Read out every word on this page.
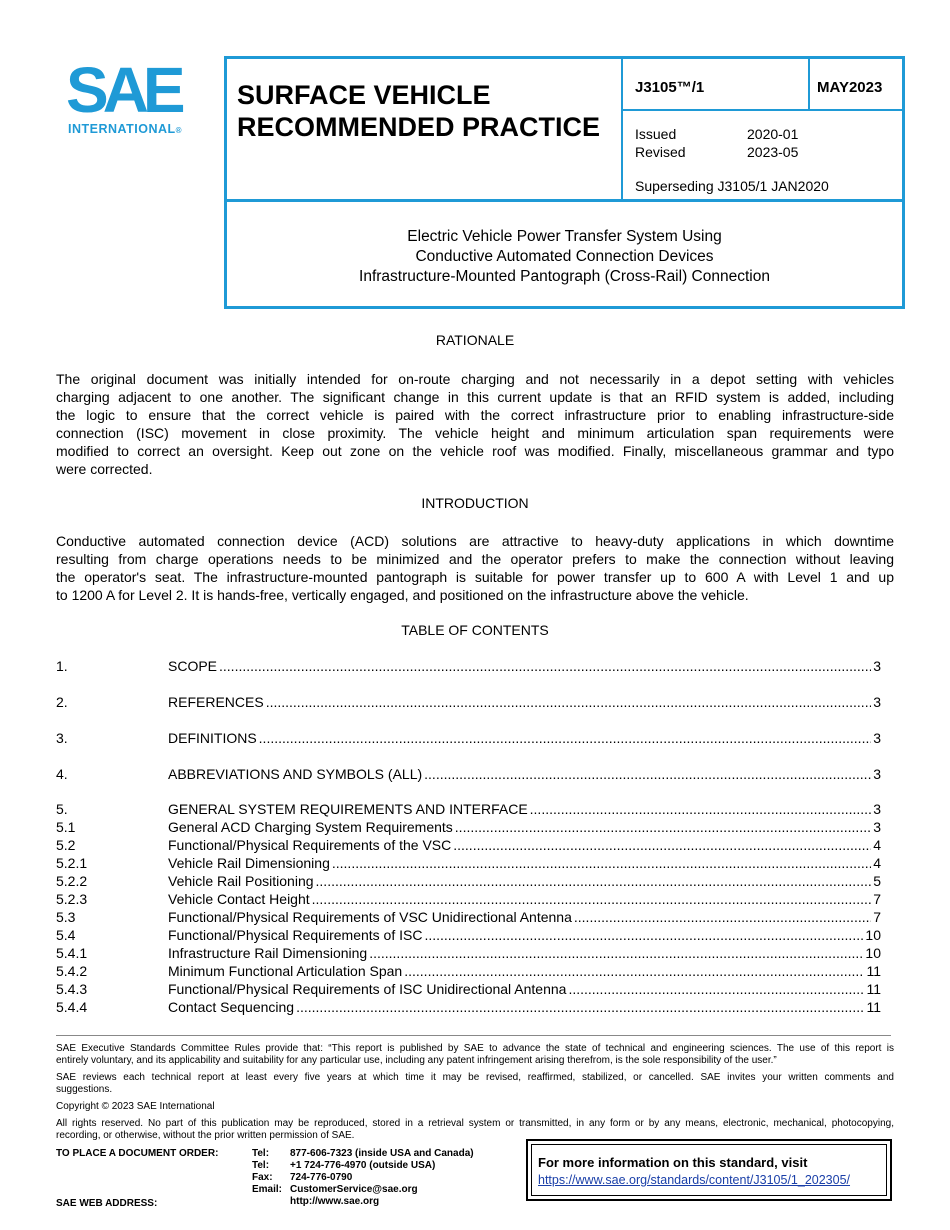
SAE
INTERNATIONAL®
SURFACE VEHICLE
RECOMMENDED PRACTICE
J3105™/1	MAY2023
Issued	2020-01
Revised	2023-05
Superseding J3105/1 JAN2020
Electric Vehicle Power Transfer System Using
Conductive Automated Connection Devices
Infrastructure-Mounted Pantograph (Cross-Rail) Connection
RATIONALE
The original document was initially intended for on-route charging and not necessarily in a depot setting with vehicles
charging adjacent to one another. The significant change in this current update is that an RFID system is added, including
the logic to ensure that the correct vehicle is paired with the correct infrastructure prior to enabling infrastructure-side
connection (ISC) movement in close proximity. The vehicle height and minimum articulation span requirements were
modified to correct an oversight. Keep out zone on the vehicle roof was modified. Finally, miscellaneous grammar and typo
were corrected.
INTRODUCTION
Conductive automated connection device (ACD) solutions are attractive to heavy-duty applications in which downtime
resulting from charge operations needs to be minimized and the operator prefers to make the connection without leaving
the operator's seat. The infrastructure-mounted pantograph is suitable for power transfer up to 600 A with Level 1 and up
to 1200 A for Level 2. It is hands-free, vertically engaged, and positioned on the infrastructure above the vehicle.
TABLE OF CONTENTS
1.	SCOPE .....	3
2.	REFERENCES .....	3
3.	DEFINITIONS .....	3
4.	ABBREVIATIONS AND SYMBOLS (ALL) .....	3
5.	GENERAL SYSTEM REQUIREMENTS AND INTERFACE .....	3
5.1	General ACD Charging System Requirements .....	3
5.2	Functional/Physical Requirements of the VSC .....	4
5.2.1	Vehicle Rail Dimensioning .....	4
5.2.2	Vehicle Rail Positioning .....	5
5.2.3	Vehicle Contact Height .....	7
5.3	Functional/Physical Requirements of VSC Unidirectional Antenna .....	7
5.4	Functional/Physical Requirements of ISC .....	10
5.4.1	Infrastructure Rail Dimensioning .....	10
5.4.2	Minimum Functional Articulation Span .....	11
5.4.3	Functional/Physical Requirements of ISC Unidirectional Antenna .....	11
5.4.4	Contact Sequencing .....	11
SAE Executive Standards Committee Rules provide that: “This report is published by SAE to advance the state of technical and engineering sciences. The use of this report is
entirely voluntary, and its applicability and suitability for any particular use, including any patent infringement arising therefrom, is the sole responsibility of the user.”
SAE reviews each technical report at least every five years at which time it may be revised, reaffirmed, stabilized, or cancelled. SAE invites your written comments and
suggestions.
Copyright © 2023 SAE International
All rights reserved. No part of this publication may be reproduced, stored in a retrieval system or transmitted, in any form or by any means, electronic, mechanical, photocopying,
recording, or otherwise, without the prior written permission of SAE.
TO PLACE A DOCUMENT ORDER:
SAE WEB ADDRESS:
Tel: 877-606-7323 (inside USA and Canada)
Tel: +1 724-776-4970 (outside USA)
Fax: 724-776-0790
Email: CustomerService@sae.org
http://www.sae.org
For more information on this standard, visit
https://www.sae.org/standards/content/J3105/1_202305/
